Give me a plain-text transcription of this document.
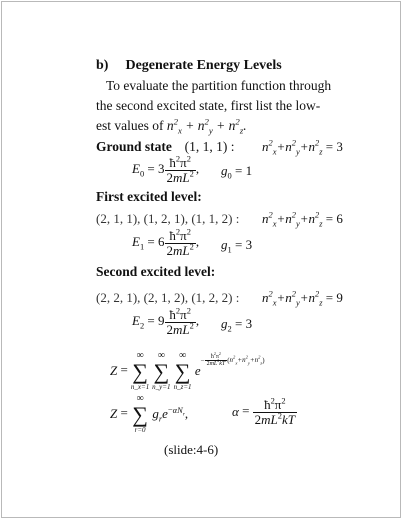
b) Degenerate Energy Levels
To evaluate the partition function through
the second excited state, first list the low-
est values of $n^2_x + n^2_y + n^2_z$.
Ground state (1, 1, 1) : $n^2_x+n^2_y+n^2_z = 3$
$E_0 = 3 \frac{ħ^2\pi^2}{2mL^2}$ , $g_0 = 1$
First excited level:
(2, 1, 1), (1, 2, 1), (1, 1, 2) : $n^2_x+n^2_y+n^2_z = 6$
$E_1 = 6 \frac{ħ^2\pi^2}{2mL^2}$ , $g_1 = 3$
Second excited level:
(2, 2, 1), (2, 1, 2), (1, 2, 2) : $n^2_x+n^2_y+n^2_z = 9$
$E_2 = 9 \frac{ħ^2\pi^2}{2mL^2}$ , $g_2 = 3$
Z =
∞
∑
n_x=1

∞
∑
n_y=1

∞
∑
n_z=1
$e- \frac{ħ^2\pi^2}{2mL^2kT} (n^2_x+n^2_y+n^2_z)$
Z =
∞
∑
r=0
$g_re^{-\alpha N_r}$,	$\alpha = \frac{ħ^2\pi^2}{2mL^2kT}$
(slide:4-6)
